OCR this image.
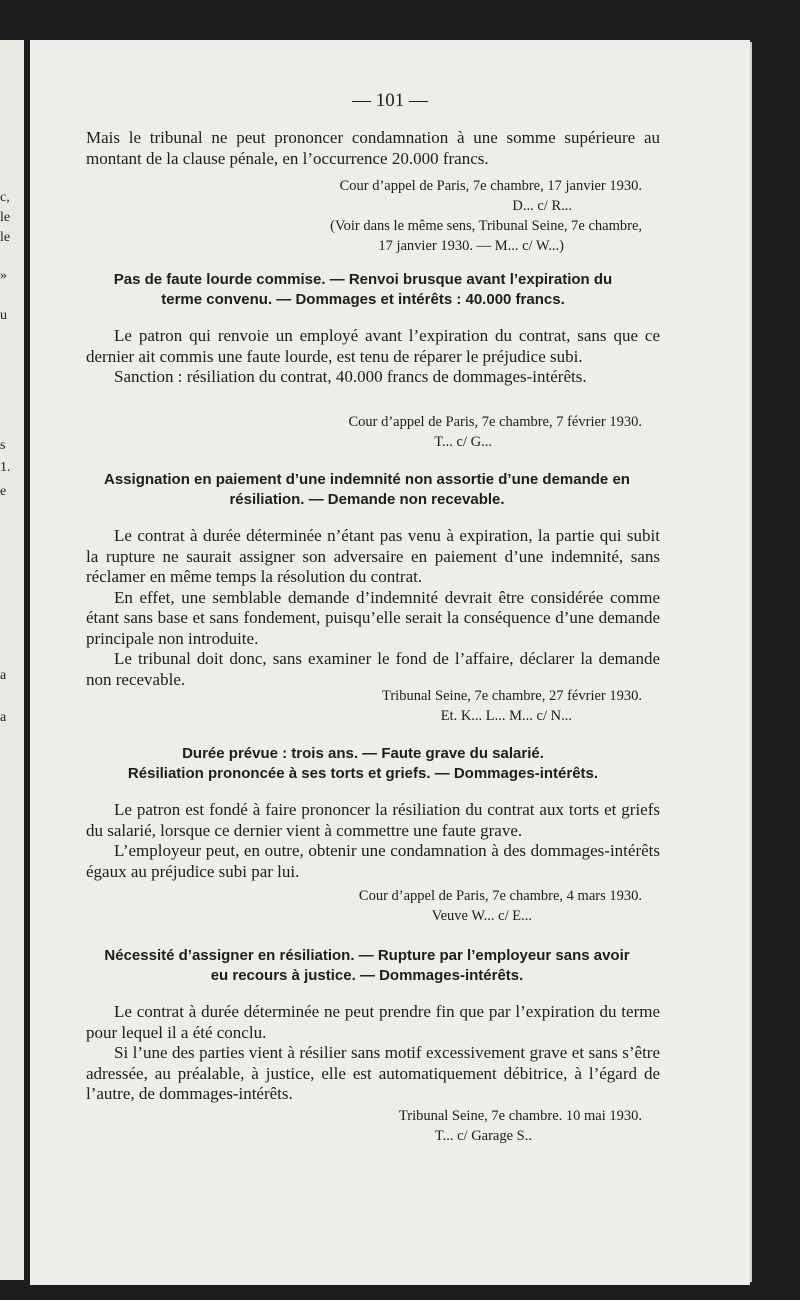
c,
le
le
»
u
s
1.
e
a
a
— 101 —

Mais le tribunal ne peut prononcer condamnation à une somme supérieure au montant de la clause pénale, en l’occurrence 20.000 francs.

Cour d’appel de Paris, 7e chambre, 17 janvier 1930.
D... c/ R...
(Voir dans le même sens, Tribunal Seine, 7e chambre,
17 janvier 1930. — M... c/ W...)
Pas de faute lourde commise. — Renvoi brusque avant l’expiration du
terme convenu. — Dommages et intérêts : 40.000 francs.

Le patron qui renvoie un employé avant l’expiration du contrat, sans que ce dernier ait commis une faute lourde, est tenu de réparer le préjudice subi.

Sanction : résiliation du contrat, 40.000 francs de dommages-intérêts.

Cour d’appel de Paris, 7e chambre, 7 février 1930.
T... c/ G...
Assignation en paiement d’une indemnité non assortie d’une demande en
résiliation. — Demande non recevable.

Le contrat à durée déterminée n’étant pas venu à expiration, la partie qui subit la rupture ne saurait assigner son adversaire en paiement d’une indemnité, sans réclamer en même temps la résolution du contrat.

En effet, une semblable demande d’indemnité devrait être considérée comme étant sans base et sans fondement, puisqu’elle serait la conséquence d’une demande principale non introduite.

Le tribunal doit donc, sans examiner le fond de l’affaire, déclarer la demande non recevable.

Tribunal Seine, 7e chambre, 27 février 1930.
Et. K... L... M... c/ N...
Durée prévue : trois ans. — Faute grave du salarié.
Résiliation prononcée à ses torts et griefs. — Dommages-intérêts.

Le patron est fondé à faire prononcer la résiliation du contrat aux torts et griefs du salarié, lorsque ce dernier vient à commettre une faute grave.

L’employeur peut, en outre, obtenir une condamnation à des dommages-intérêts égaux au préjudice subi par lui.

Cour d’appel de Paris, 7e chambre, 4 mars 1930.
Veuve W... c/ E...
Nécessité d’assigner en résiliation. — Rupture par l’employeur sans avoir
eu recours à justice. — Dommages-intérêts.

Le contrat à durée déterminée ne peut prendre fin que par l’expiration du terme pour lequel il a été conclu.

Si l’une des parties vient à résilier sans motif excessivement grave et sans s’être adressée, au préalable, à justice, elle est automatiquement débitrice, à l’égard de l’autre, de dommages-intérêts.

Tribunal Seine, 7e chambre. 10 mai 1930.
T... c/ Garage S..
